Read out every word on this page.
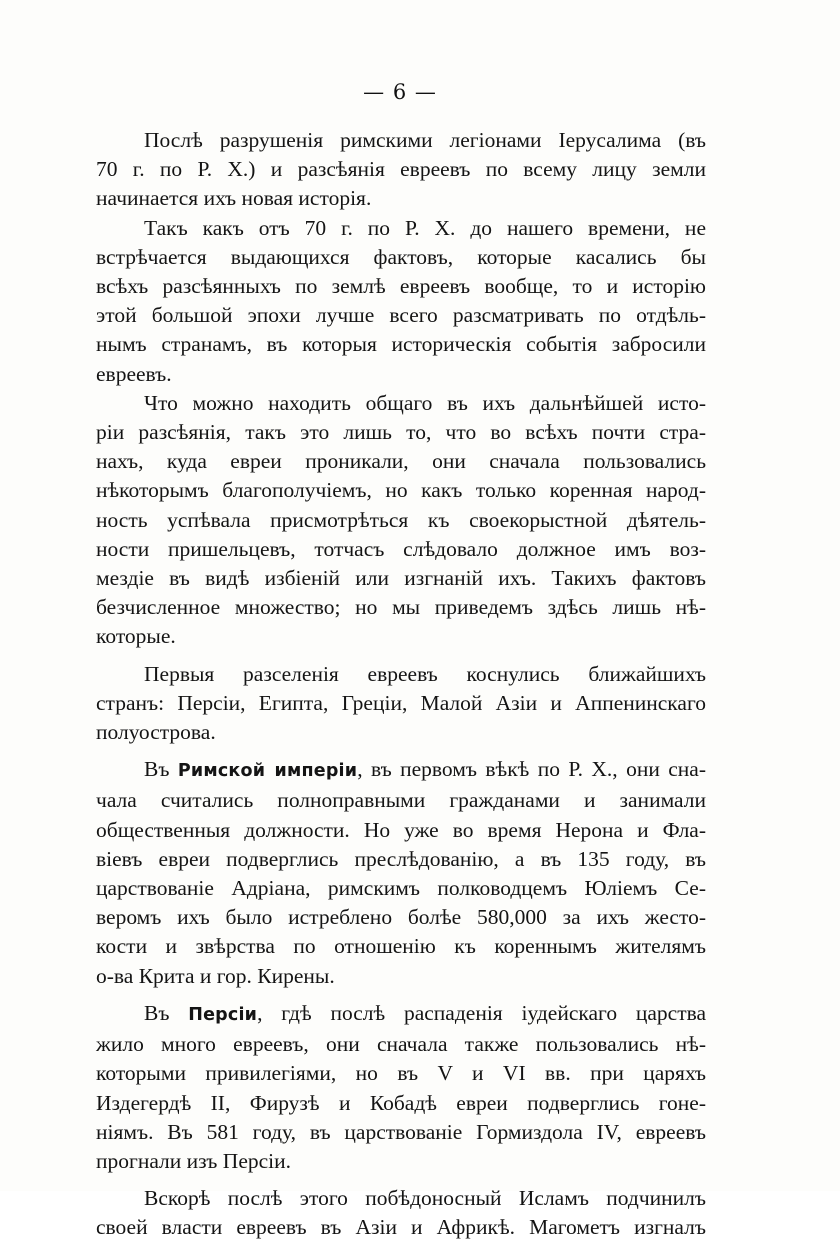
— 6 —
Послѣ разрушенія римскими легіонами Іерусалима (въ
70 г. по Р. X.) и разсѣянія евреевъ по всему лицу земли
начинается ихъ новая исторія.
Такъ какъ отъ 70 г. по Р. X. до нашего времени, не
встрѣчается выдающихся фактовъ, которые касались бы
всѣхъ разсѣянныхъ по землѣ евреевъ вообще, то и исторію
этой большой эпохи лучше всего разсматривать по отдѣль-
нымъ странамъ, въ которыя историческія событія забросили
евреевъ.
Что можно находить общаго въ ихъ дальнѣйшей исто-
ріи разсѣянія, такъ это лишь то, что во всѣхъ почти стра-
нахъ, куда евреи проникали, они сначала пользовались
нѣкоторымъ благополучіемъ, но какъ только коренная народ-
ность успѣвала присмотрѣться къ своекорыстной дѣятель-
ности пришельцевъ, тотчасъ слѣдовало должное имъ воз-
мездіе въ видѣ избіеній или изгнаній ихъ. Такихъ фактовъ
безчисленное множество; но мы приведемъ здѣсь лишь нѣ-
которые.
Первыя разселенія евреевъ коснулись ближайшихъ
странъ: Персіи, Египта, Греціи, Малой Азіи и Аппенинскаго
полуострова.
Въ Римской имперіи, въ первомъ вѣкѣ по Р. X., они сна-
чала считались полноправными гражданами и занимали
общественныя должности. Но уже во время Нерона и Фла-
віевъ евреи подверглись преслѣдованію, а въ 135 году, въ
царствованіе Адріана, римскимъ полководцемъ Юліемъ Се-
веромъ ихъ было истреблено болѣе 580,000 за ихъ жесто-
кости и звѣрства по отношенію къ кореннымъ жителямъ
о-ва Крита и гор. Кирены.
Въ Персіи, гдѣ послѣ распаденія іудейскаго царства
жило много евреевъ, они сначала также пользовались нѣ-
которыми привилегіями, но въ V и VI вв. при царяхъ
Издегердѣ II, Фирузѣ и Кобадѣ евреи подверглись гоне-
ніямъ. Въ 581 году, въ царствованіе Гормиздола IV, евреевъ
прогнали изъ Персіи.
Вскорѣ послѣ этого побѣдоносный Исламъ подчинилъ
своей власти евреевъ въ Азіи и Африкѣ. Магометъ изгналъ
